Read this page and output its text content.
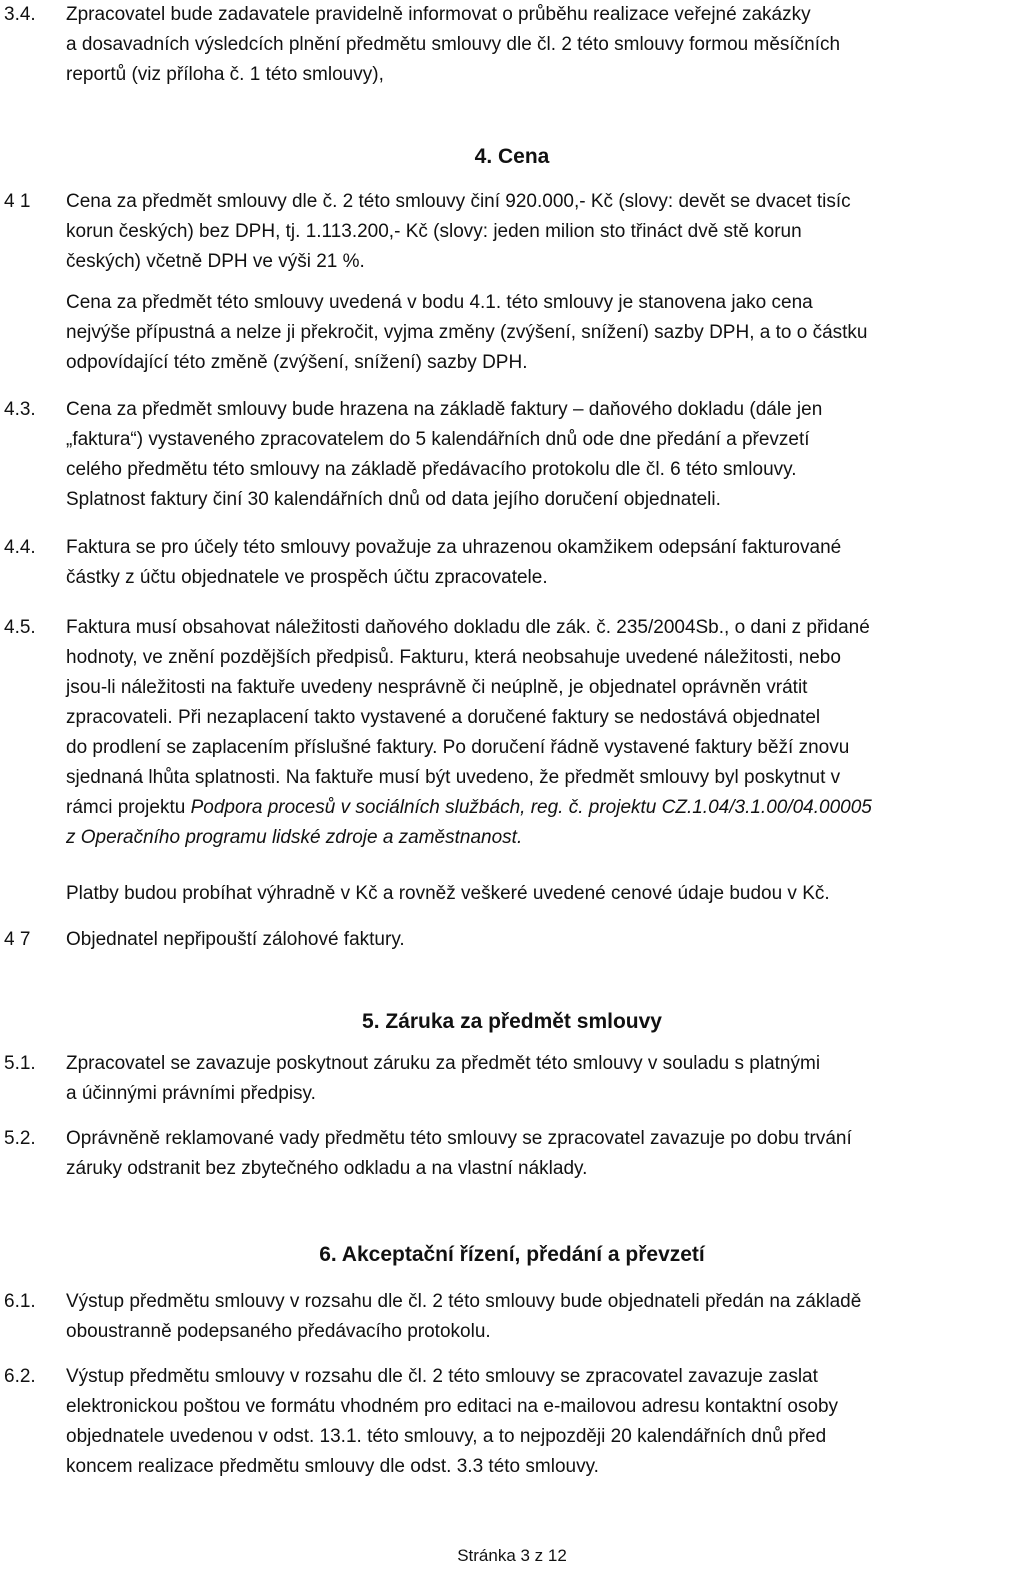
3.4. Zpracovatel bude zadavatele pravidelně informovat o průběhu realizace veřejné zakázky
a dosavadních výsledcích plnění předmětu smlouvy dle čl. 2 této smlouvy formou měsíčních
reportů (viz příloha č. 1 této smlouvy),
4. Cena
4 1 Cena za předmět smlouvy dle č. 2 této smlouvy činí 920.000,- Kč (slovy: devět se dvacet tisíc
korun českých) bez DPH, tj. 1.113.200,- Kč (slovy: jeden milion sto třináct dvě stě korun
českých) včetně DPH ve výši 21 %.
Cena za předmět této smlouvy uvedená v bodu 4.1. této smlouvy je stanovena jako cena
nejvýše přípustná a nelze ji překročit, vyjma změny (zvýšení, snížení) sazby DPH, a to o částku
odpovídající této změně (zvýšení, snížení) sazby DPH.
4.3. Cena za předmět smlouvy bude hrazena na základě faktury – daňového dokladu (dále jen
„faktura“) vystaveného zpracovatelem do 5 kalendářních dnů ode dne předání a převzetí
celého předmětu této smlouvy na základě předávacího protokolu dle čl. 6 této smlouvy.
Splatnost faktury činí 30 kalendářních dnů od data jejího doručení objednateli.
4.4. Faktura se pro účely této smlouvy považuje za uhrazenou okamžikem odepsání fakturované
částky z účtu objednatele ve prospěch účtu zpracovatele.
4.5. Faktura musí obsahovat náležitosti daňového dokladu dle zák. č. 235/2004Sb., o dani z přidané
hodnoty, ve znění pozdějších předpisů. Fakturu, která neobsahuje uvedené náležitosti, nebo
jsou-li náležitosti na faktuře uvedeny nesprávně či neúplně, je objednatel oprávněn vrátit
zpracovateli. Při nezaplacení takto vystavené a doručené faktury se nedostává objednatel
do prodlení se zaplacením příslušné faktury. Po doručení řádně vystavené faktury běží znovu
sjednaná lhůta splatnosti. Na faktuře musí být uvedeno, že předmět smlouvy byl poskytnut v
rámci projektu Podpora procesů v sociálních službách, reg. č. projektu CZ.1.04/3.1.00/04.00005
z Operačního programu lidské zdroje a zaměstnanost.
Platby budou probíhat výhradně v Kč a rovněž veškeré uvedené cenové údaje budou v Kč.
4 7 Objednatel nepřipouští zálohové faktury.
5. Záruka za předmět smlouvy
5.1. Zpracovatel se zavazuje poskytnout záruku za předmět této smlouvy v souladu s platnými
a účinnými právními předpisy.
5.2. Oprávněně reklamované vady předmětu této smlouvy se zpracovatel zavazuje po dobu trvání
záruky odstranit bez zbytečného odkladu a na vlastní náklady.
6. Akceptační řízení, předání a převzetí
6.1. Výstup předmětu smlouvy v rozsahu dle čl. 2 této smlouvy bude objednateli předán na základě
oboustranně podepsaného předávacího protokolu.
6.2. Výstup předmětu smlouvy v rozsahu dle čl. 2 této smlouvy se zpracovatel zavazuje zaslat
elektronickou poštou ve formátu vhodném pro editaci na e-mailovou adresu kontaktní osoby
objednatele uvedenou v odst. 13.1. této smlouvy, a to nejpozději 20 kalendářních dnů před
koncem realizace předmětu smlouvy dle odst. 3.3 této smlouvy.
Stránka 3 z 12
